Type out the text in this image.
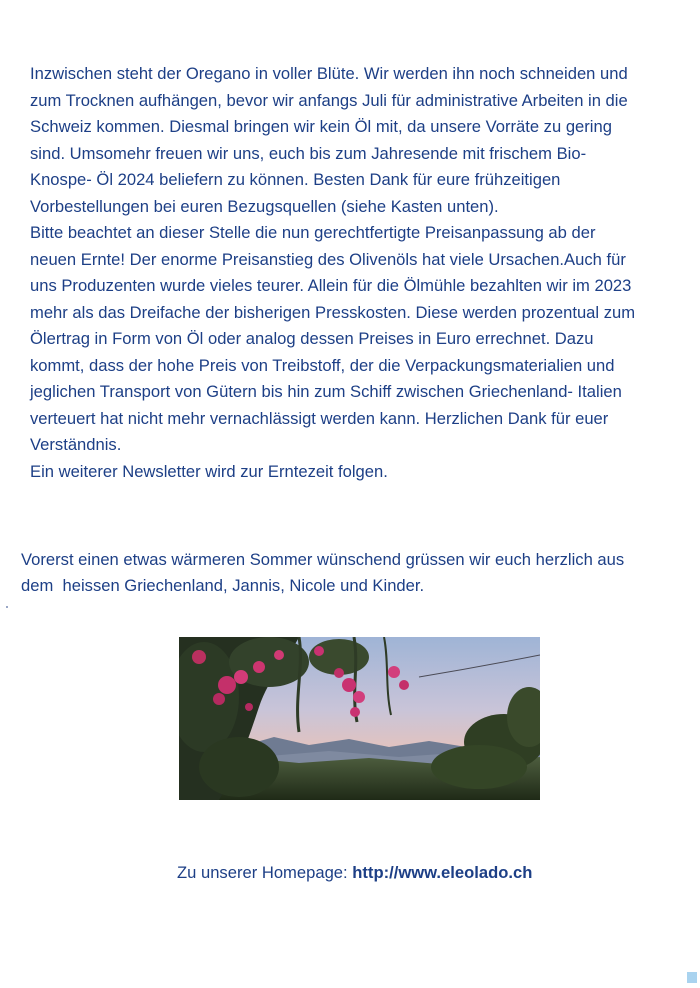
Inzwischen steht der Oregano in voller Blüte. Wir werden ihn noch schneiden und
zum Trocknen aufhängen, bevor wir anfangs Juli für administrative Arbeiten in die
Schweiz kommen. Diesmal bringen wir kein Öl mit, da unsere Vorräte zu gering
sind. Umsomehr freuen wir uns, euch bis zum Jahresende mit frischem Bio-
Knospe- Öl 2024 beliefern zu können. Besten Dank für eure frühzeitigen
Vorbestellungen bei euren Bezugsquellen (siehe Kasten unten).
Bitte beachtet an dieser Stelle die nun gerechtfertigte Preisanpassung ab der
neuen Ernte! Der enorme Preisanstieg des Olivenöls hat viele Ursachen.Auch für
uns Produzenten wurde vieles teurer. Allein für die Ölmühle bezahlten wir im 2023
mehr als das Dreifache der bisherigen Presskosten. Diese werden prozentual zum
Ölertrag in Form von Öl oder analog dessen Preises in Euro errechnet. Dazu
kommt, dass der hohe Preis von Treibstoff, der die Verpackungsmaterialien und
jeglichen Transport von Gütern bis hin zum Schiff zwischen Griechenland- Italien
verteuert hat nicht mehr vernachlässigt werden kann. Herzlichen Dank für euer
Verständnis.
Ein weiterer Newsletter wird zur Erntezeit folgen.

Vorerst einen etwas wärmeren Sommer wünschend grüssen wir euch herzlich aus
dem  heissen Griechenland, Jannis, Nicole und Kinder.
Zu unserer Homepage: http://www.eleolado.ch
